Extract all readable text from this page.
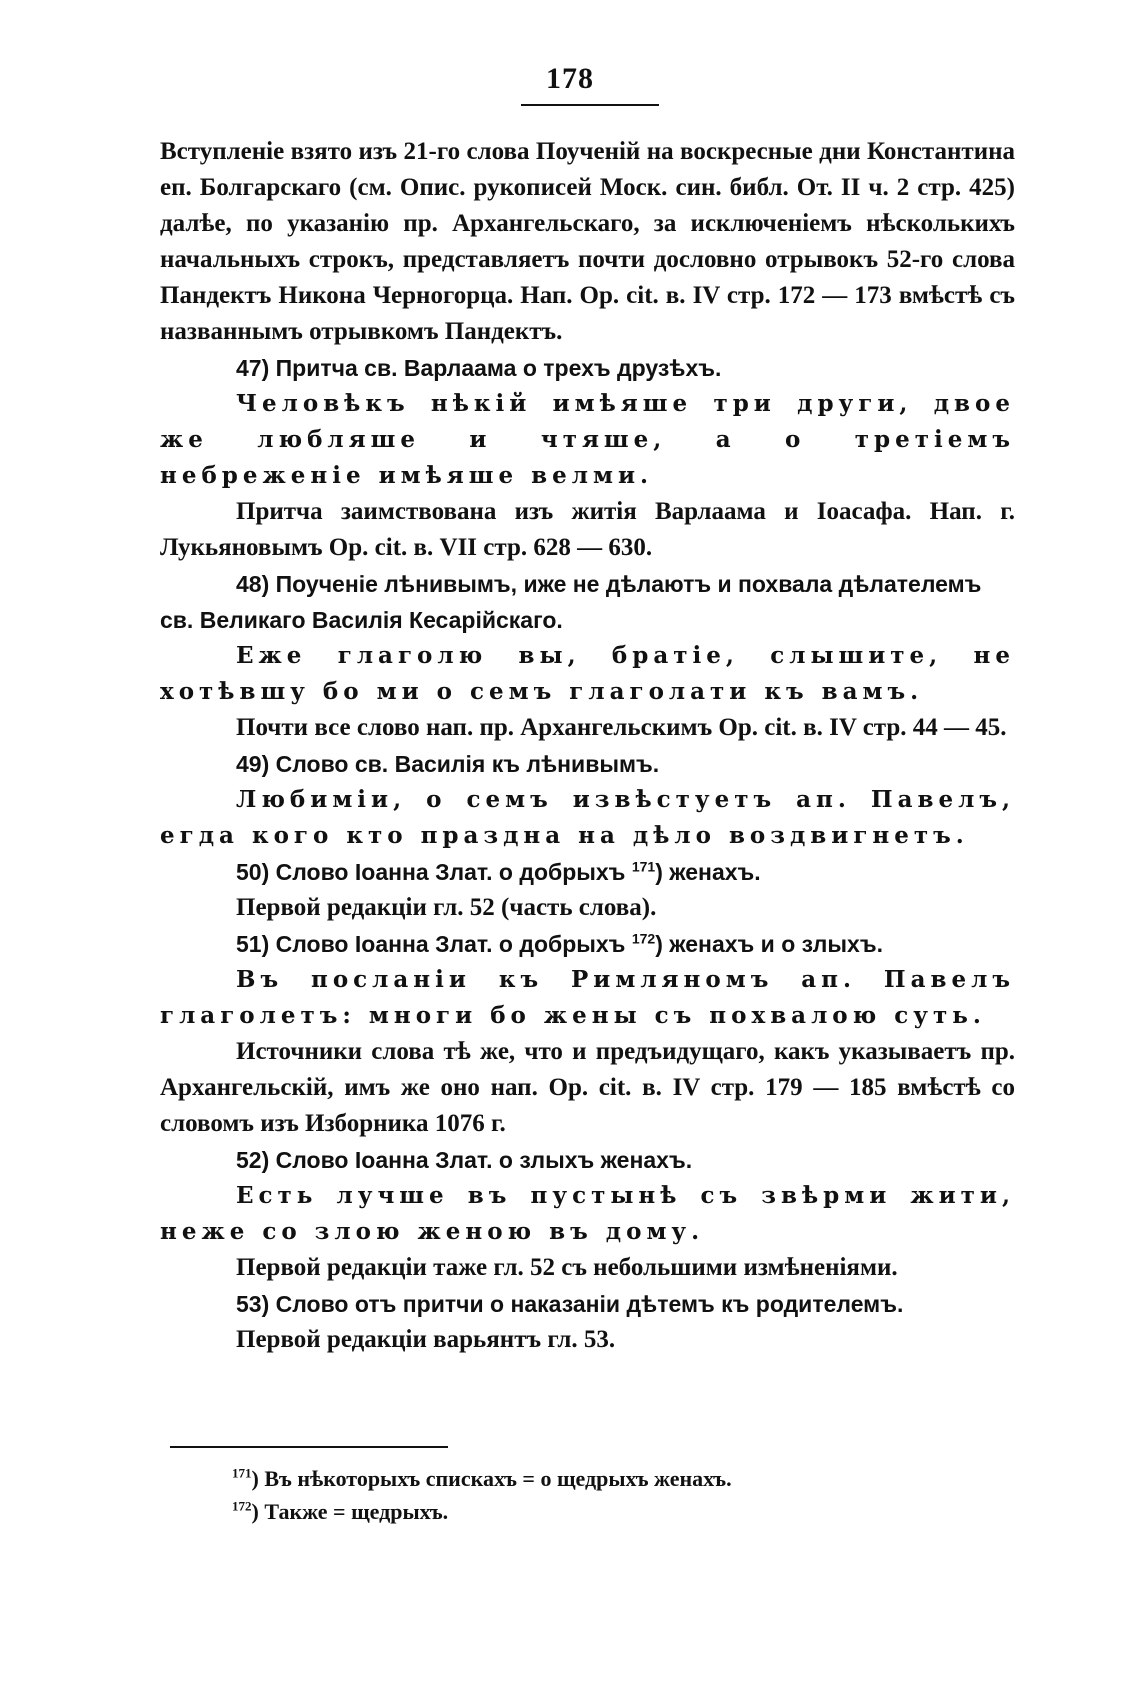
178

Вступленіе взято изъ 21-го слова Поученій на воскресные дни Константина еп. Болгарскаго (см. Опис. рукописей Моск. син. библ. От. II ч. 2 стр. 425) далѣе, по указанію пр. Архангельскаго, за исключеніемъ нѣсколькихъ начальныхъ строкъ, представляетъ почти дословно отрывокъ 52-го слова Пандектъ Никона Черногорца. Нап. Op. cit. в. IV стр. 172 — 173 вмѣстѣ съ названнымъ отрывкомъ Пандектъ.

47) Притча св. Варлаама о трехъ друзѣхъ.

Человѣкъ нѣкій имѣяше три други, двое же любляше и чтяше, а о третіемъ небреженіе имѣяше велми.

Притча заимствована изъ житія Варлаама и Іоасафа. Нап. г. Лукьяновымъ Op. cit. в. VII стр. 628 — 630.

48) Поученіе лѣнивымъ, иже не дѣлаютъ и похвала дѣлателемъ св. Великаго Василія Кесарійскаго.

Еже глаголю вы, братіе, слышите, не хотѣвшу бо ми о семъ глаголати къ вамъ.

Почти все слово нап. пр. Архангельскимъ Op. cit. в. IV стр. 44 — 45.

49) Слово св. Василія къ лѣнивымъ.

Любиміи, о семъ извѣстуетъ ап. Павелъ, егда кого кто праздна на дѣло воздвигнетъ.

50) Слово Іоанна Злат. о добрыхъ $^{171}$) женахъ.

Первой редакціи гл. 52 (часть слова).

51) Слово Іоанна Злат. о добрыхъ $^{172}$) женахъ и о злыхъ.

Въ посланіи къ Римляномъ ап. Павелъ глаголетъ: многи бо жены съ похвалою суть.

Источники слова тѣ же, что и предъидущаго, какъ указываетъ пр. Архангельскій, имъ же оно нап. Op. cit. в. IV стр. 179 — 185 вмѣстѣ со словомъ изъ Изборника 1076 г.

52) Слово Іоанна Злат. о злыхъ женахъ.

Есть лучше въ пустынѣ съ звѣрми жити, неже со злою женою въ дому.

Первой редакціи таже гл. 52 съ небольшими измѣненіями.

53) Слово отъ притчи о наказаніи дѣтемъ къ родителемъ.

Первой редакціи варьянтъ гл. 53.

$^{171}$) Въ нѣкоторыхъ спискахъ = о щедрыхъ женахъ.

$^{172}$) Также = щедрыхъ.
